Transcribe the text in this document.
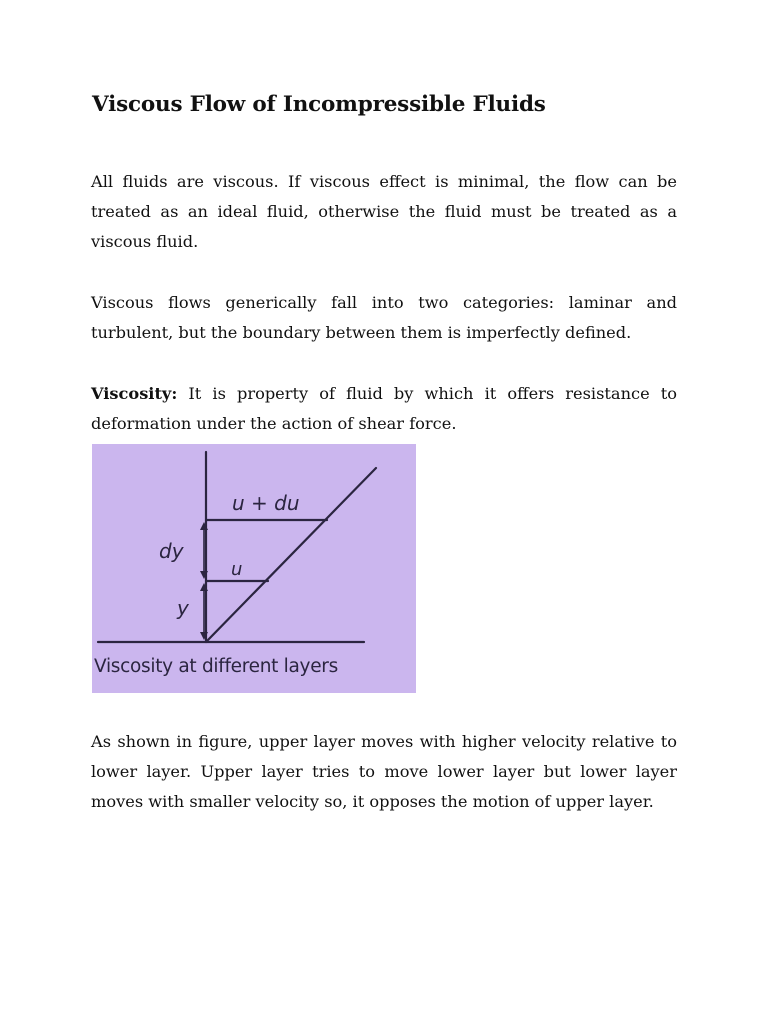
Viscous Flow of Incompressible Fluids

All fluids are viscous. If viscous effect is minimal, the flow can be treated as an ideal fluid, otherwise the fluid must be treated as a viscous fluid.

Viscous flows generically fall into two categories: laminar and turbulent, but the boundary between them is imperfectly defined.

Viscosity: It is property of fluid by which it offers resistance to deformation under the action of shear force.

u + du
u
dy
y
Viscosity at different layers

As shown in figure, upper layer moves with higher velocity relative to lower layer. Upper layer tries to move lower layer but lower layer moves with smaller velocity so, it opposes the motion of upper layer.
